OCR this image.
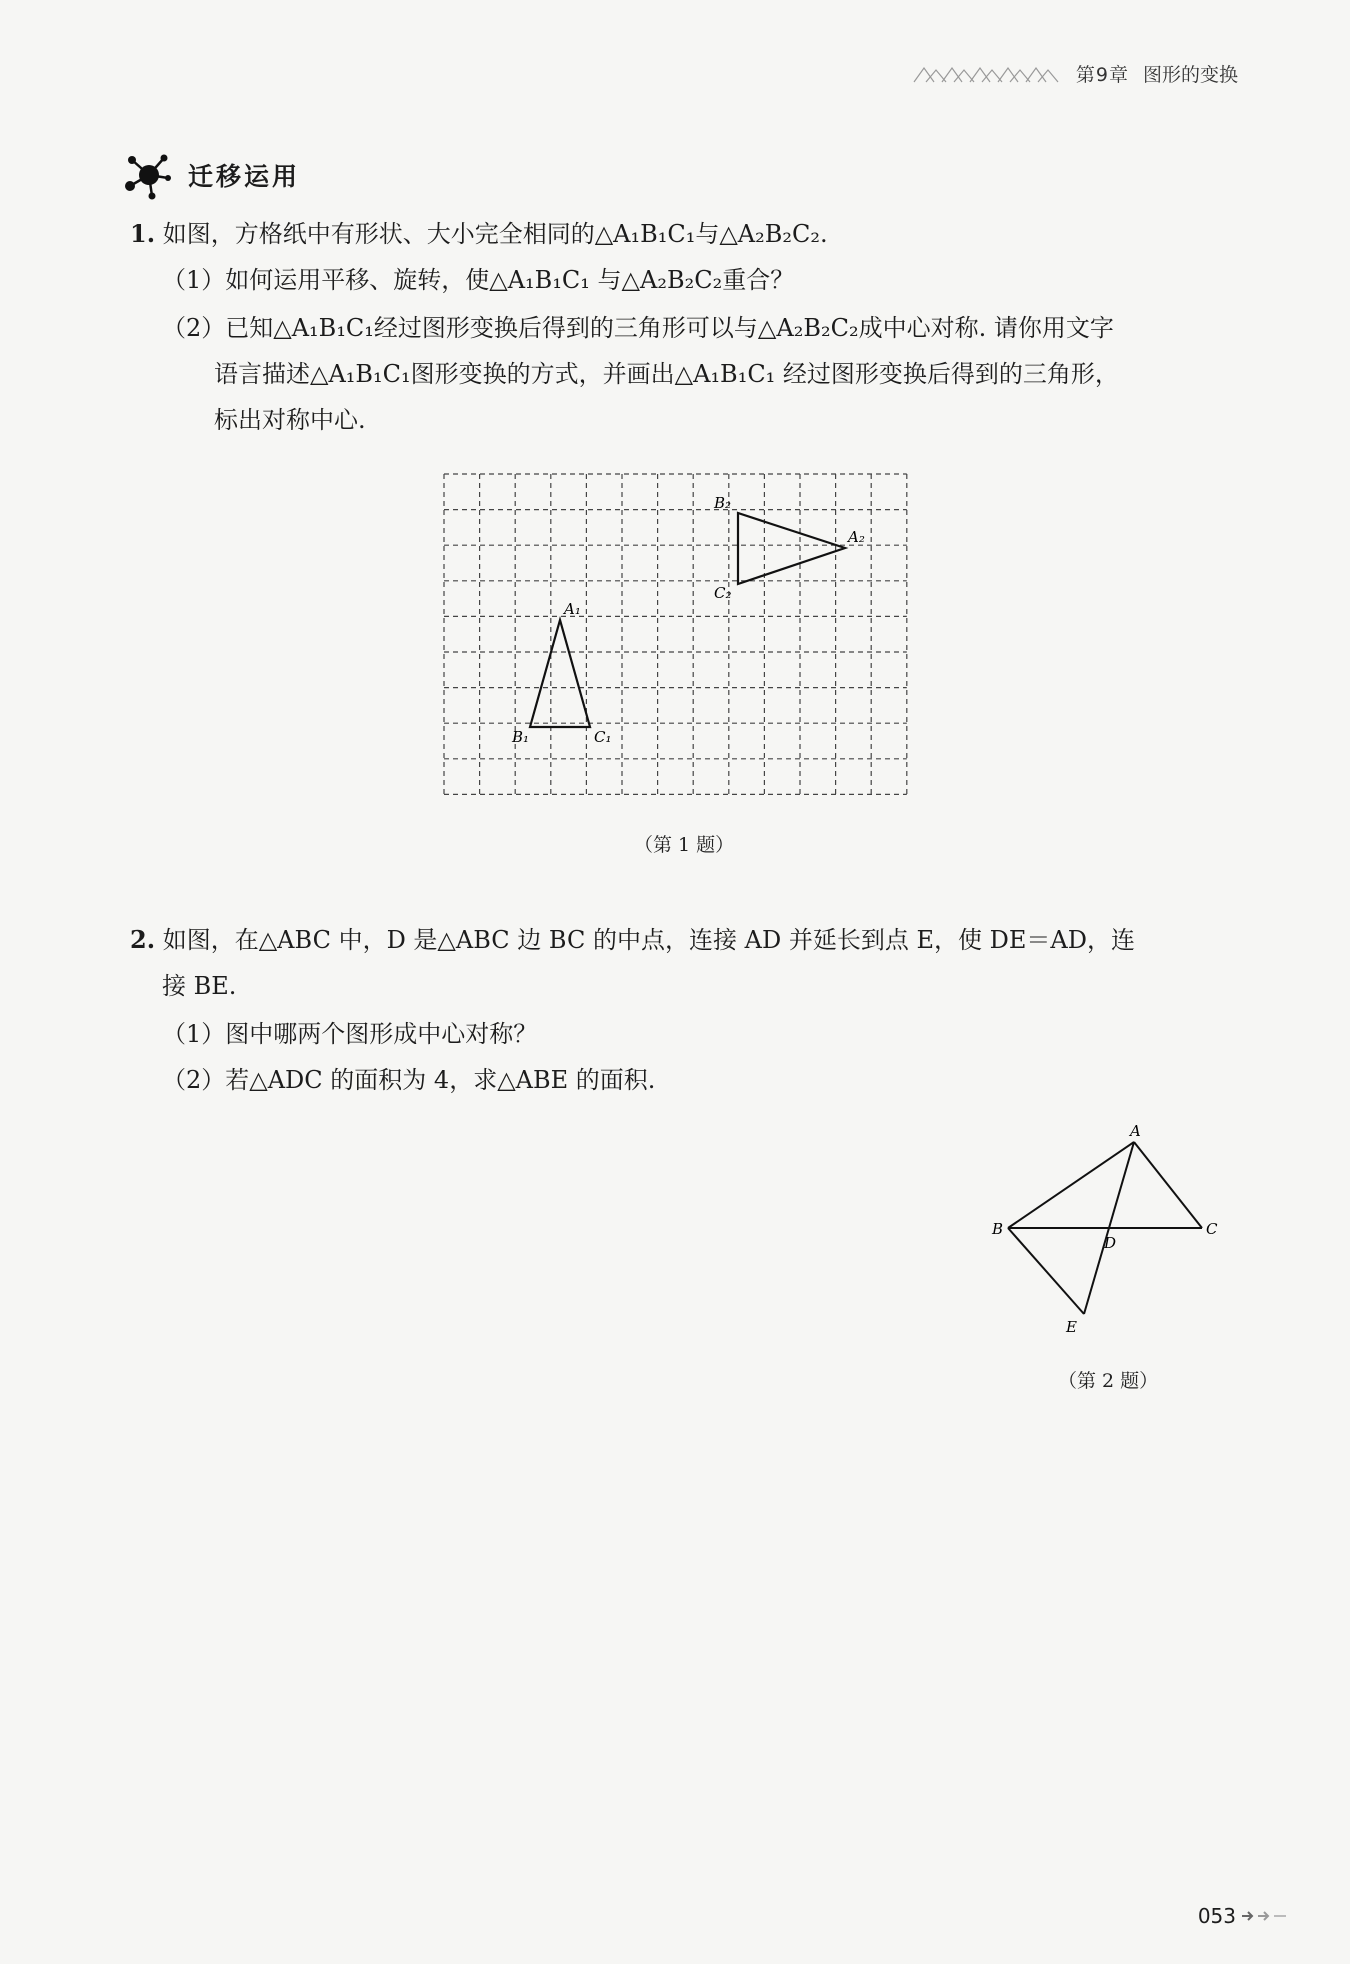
第9章 图形的变换
迁移运用
1. 如图，方格纸中有形状、大小完全相同的△A₁B₁C₁与△A₂B₂C₂.
（1）如何运用平移、旋转，使△A₁B₁C₁ 与△A₂B₂C₂重合？
（2）已知△A₁B₁C₁经过图形变换后得到的三角形可以与△A₂B₂C₂成中心对称. 请你用文字
语言描述△A₁B₁C₁图形变换的方式，并画出△A₁B₁C₁ 经过图形变换后得到的三角形，
标出对称中心.
A₁
B₁	C₁
A₂
B₂
C₂
（第 1 题）
2. 如图，在△ABC 中，D 是△ABC 边 BC 的中点，连接 AD 并延长到点 E，使 DE＝AD，连
接 BE.
（1）图中哪两个图形成中心对称？
（2）若△ADC 的面积为 4，求△ABE 的面积.
A
B	C
D
E
（第 2 题）
053
